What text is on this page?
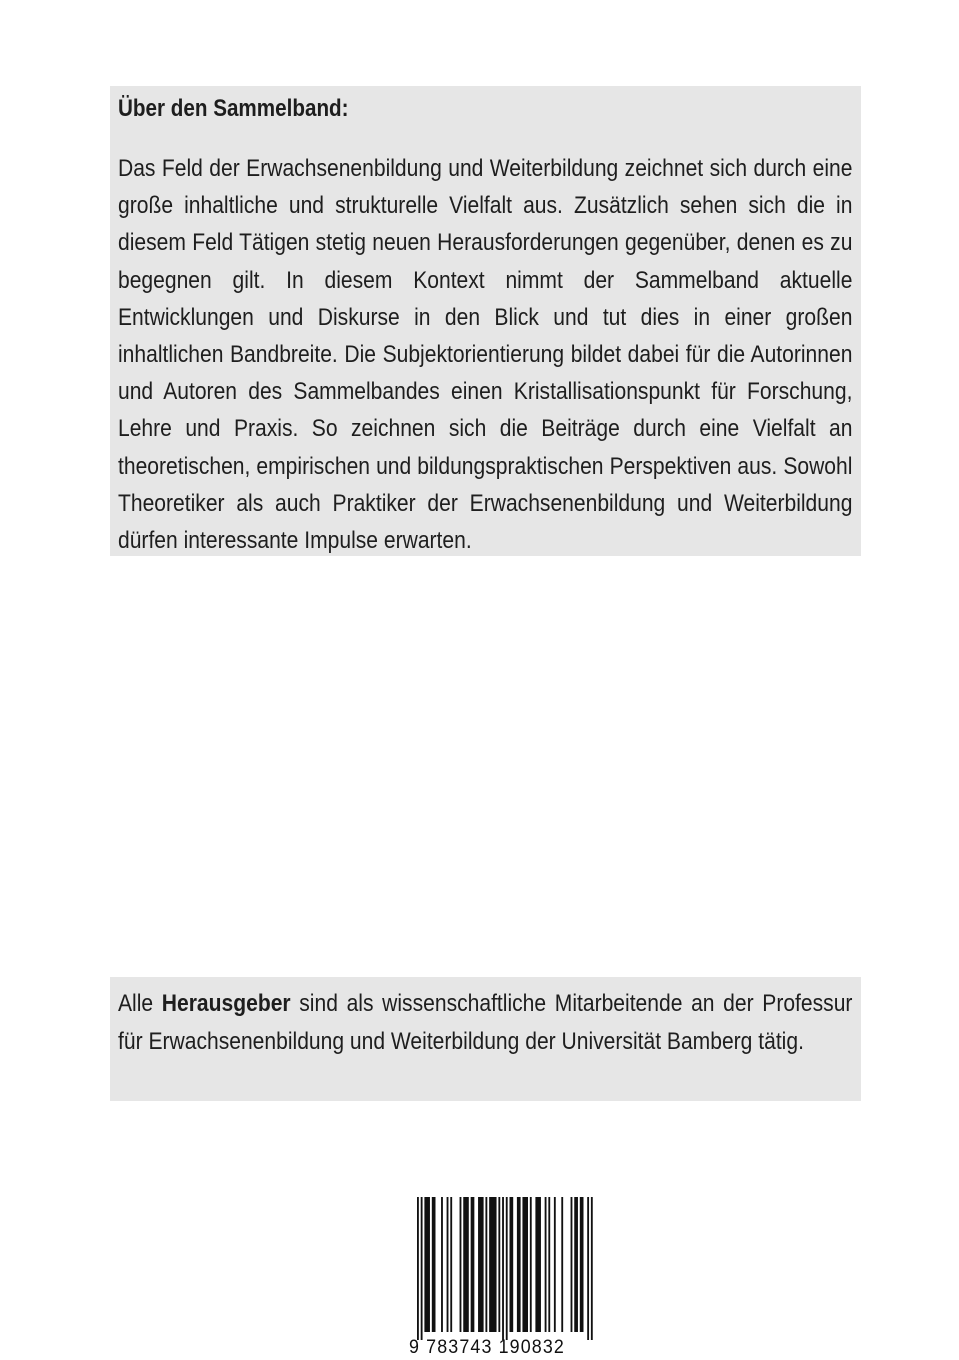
Über den Sammelband:

Das Feld der Erwachsenenbildung und Weiterbildung zeichnet sich durch eine große inhaltliche und strukturelle Vielfalt aus. Zusätzlich sehen sich die in diesem Feld Tätigen stetig neuen Herausforderungen gegenüber, denen es zu begegnen gilt. In diesem Kontext nimmt der Sammelband aktuelle Entwicklungen und Diskurse in den Blick und tut dies in einer großen inhaltlichen Bandbreite. Die Subjektorientierung bildet dabei für die Autorinnen und Autoren des Sammelbandes einen Kristallisationspunkt für Forschung, Lehre und Praxis. So zeichnen sich die Beiträge durch eine Vielfalt an theoretischen, empirischen und bildungspraktischen Perspektiven aus. Sowohl Theoretiker als auch Praktiker der Erwachsenenbildung und Weiterbildung dürfen interessante Impulse erwarten.

Alle Herausgeber sind als wissenschaftliche Mitarbeitende an der Professur für Erwachsenenbildung und Weiterbildung der Universität Bamberg tätig.

9 783743 190832
